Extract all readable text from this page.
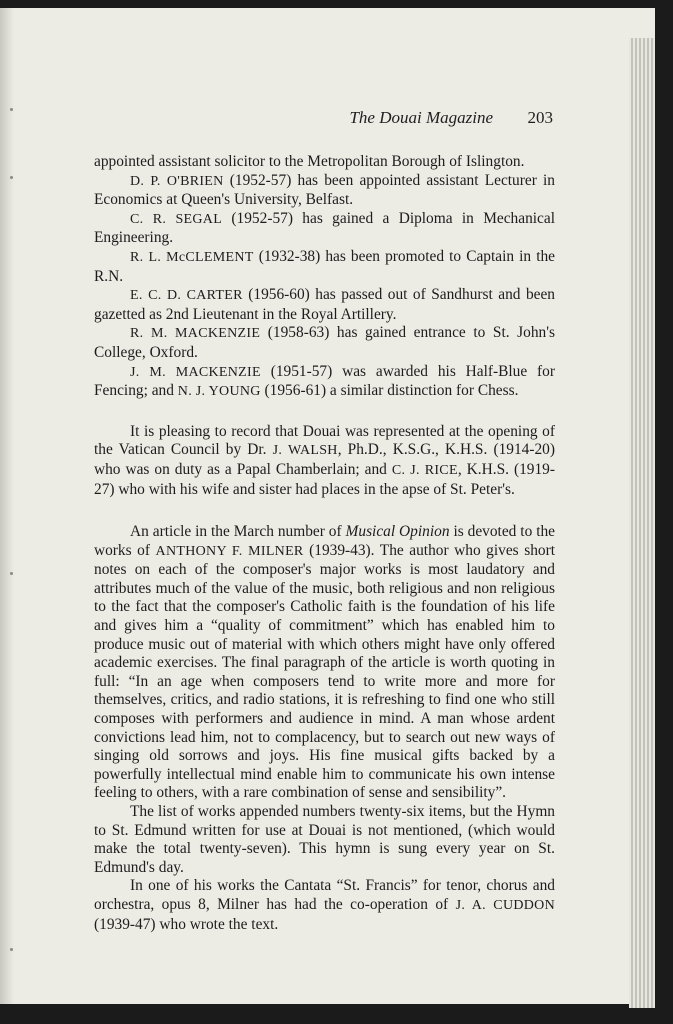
The Douai Magazine 203

appointed assistant solicitor to the Metropolitan Borough of Islington.

D. P. O'BRIEN (1952-57) has been appointed assistant Lecturer in Economics at Queen's University, Belfast.

C. R. SEGAL (1952-57) has gained a Diploma in Mechanical Engineering.

R. L. McCLEMENT (1932-38) has been promoted to Captain in the R.N.

E. C. D. CARTER (1956-60) has passed out of Sandhurst and been gazetted as 2nd Lieutenant in the Royal Artillery.

R. M. MACKENZIE (1958-63) has gained entrance to St. John's College, Oxford.

J. M. MACKENZIE (1951-57) was awarded his Half-Blue for Fencing; and N. J. YOUNG (1956-61) a similar distinction for Chess.

It is pleasing to record that Douai was represented at the opening of the Vatican Council by Dr. J. WALSH, Ph.D., K.S.G., K.H.S. (1914-20) who was on duty as a Papal Chamberlain; and C. J. RICE, K.H.S. (1919-27) who with his wife and sister had places in the apse of St. Peter's.

An article in the March number of Musical Opinion is devoted to the works of ANTHONY F. MILNER (1939-43). The author who gives short notes on each of the composer's major works is most laudatory and attributes much of the value of the music, both religious and non religious to the fact that the composer's Catholic faith is the foundation of his life and gives him a “quality of commitment” which has enabled him to produce music out of material with which others might have only offered academic exercises. The final paragraph of the article is worth quoting in full: “In an age when composers tend to write more and more for themselves, critics, and radio stations, it is refreshing to find one who still composes with performers and audience in mind. A man whose ardent convictions lead him, not to complacency, but to search out new ways of singing old sorrows and joys. His fine musical gifts backed by a powerfully intellectual mind enable him to communicate his own intense feeling to others, with a rare combination of sense and sensibility”.

The list of works appended numbers twenty-six items, but the Hymn to St. Edmund written for use at Douai is not mentioned, (which would make the total twenty-seven). This hymn is sung every year on St. Edmund's day.

In one of his works the Cantata “St. Francis” for tenor, chorus and orchestra, opus 8, Milner has had the co-operation of J. A. CUDDON (1939-47) who wrote the text.
